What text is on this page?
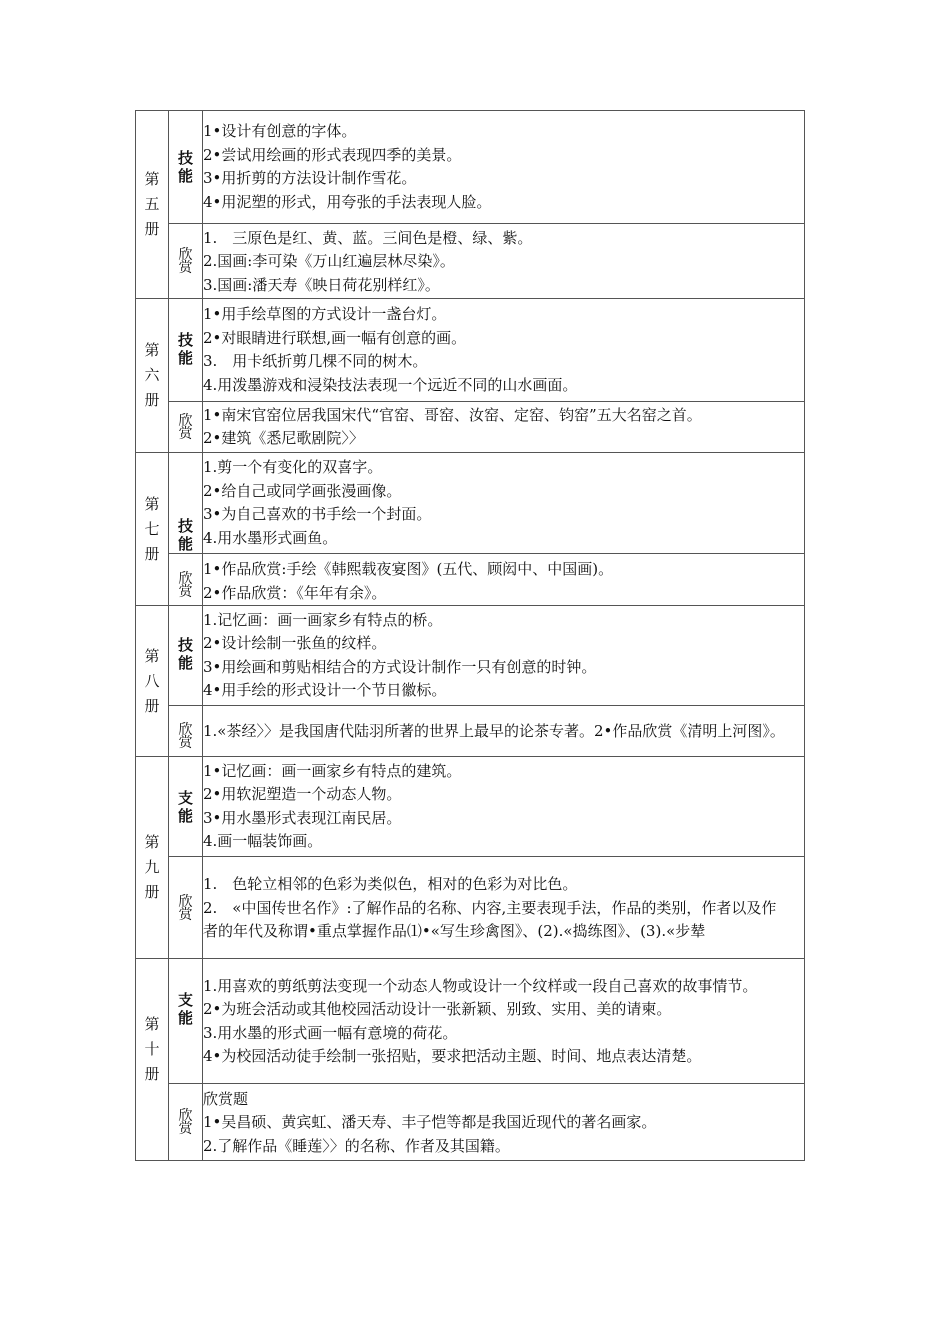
第五册	技能	1•设计有创意的字体。

2•尝试用绘画的形式表现四季的美景。

3•用折剪的方法设计制作雪花。

4•用泥塑的形式，用夸张的手法表现人脸。

	欣赏	1.　三原色是红、黄、蓝。三间色是橙、绿、紫。

2.国画:李可染《万山红遍层林尽染》。

3.国画:潘天寿《映日荷花别样红》。

第六册	技能	1•用手绘草图的方式设计一盏台灯。

2•对眼睛进行联想,画一幅有创意的画。

3.　用卡纸折剪几棵不同的树木。

4.用泼墨游戏和浸染技法表现一个远近不同的山水画面。

	欣赏	1•南宋官窑位居我国宋代“官窑、哥窑、汝窑、定窑、钧窑”五大名窑之首。

2•建筑《悉尼歌剧院〉〉

第七册	技能	1.剪一个有变化的双喜字。

2•给自己或同学画张漫画像。

3•为自己喜欢的书手绘一个封面。

4.用水墨形式画鱼。

	欣赏	1•作品欣赏:手绘《韩熙载夜宴图》(五代、顾闳中、中国画)。

2•作品欣赏：《年年有余》。

第八册	技能	1.记忆画：画一画家乡有特点的桥。

2•设计绘制一张鱼的纹样。

3•用绘画和剪贴相结合的方式设计制作一只有创意的时钟。

4•用手绘的形式设计一个节日徽标。

	欣赏	1.«茶经〉〉是我国唐代陆羽所著的世界上最早的论茶专著。2•作品欣赏《清明上河图》。

第九册	支能	1•记忆画：画一画家乡有特点的建筑。

2•用软泥塑造一个动态人物。

3•用水墨形式表现江南民居。

4.画一幅装饰画。

	欣赏	1.　色轮立相邻的色彩为类似色，相对的色彩为对比色。

2.　«中国传世名作》:了解作品的名称、内容,主要表现手法，作品的类别，作者以及作

者的年代及称谓•重点掌握作品⑴•«写生珍禽图》、(2).«捣练图》、(3).«步辇

第十册	支能	1.用喜欢的剪纸剪法变现一个动态人物或设计一个纹样或一段自己喜欢的故事情节。

2•为班会活动或其他校园活动设计一张新颖、别致、实用、美的请柬。

3.用水墨的形式画一幅有意境的荷花。

4•为校园活动徒手绘制一张招贴，要求把活动主题、时间、地点表达清楚。

	欣赏	欣赏题

1•吴昌硕、黄宾虹、潘天寿、丰子恺等都是我国近现代的著名画家。

2.了解作品《睡莲〉〉的名称、作者及其国籍。
